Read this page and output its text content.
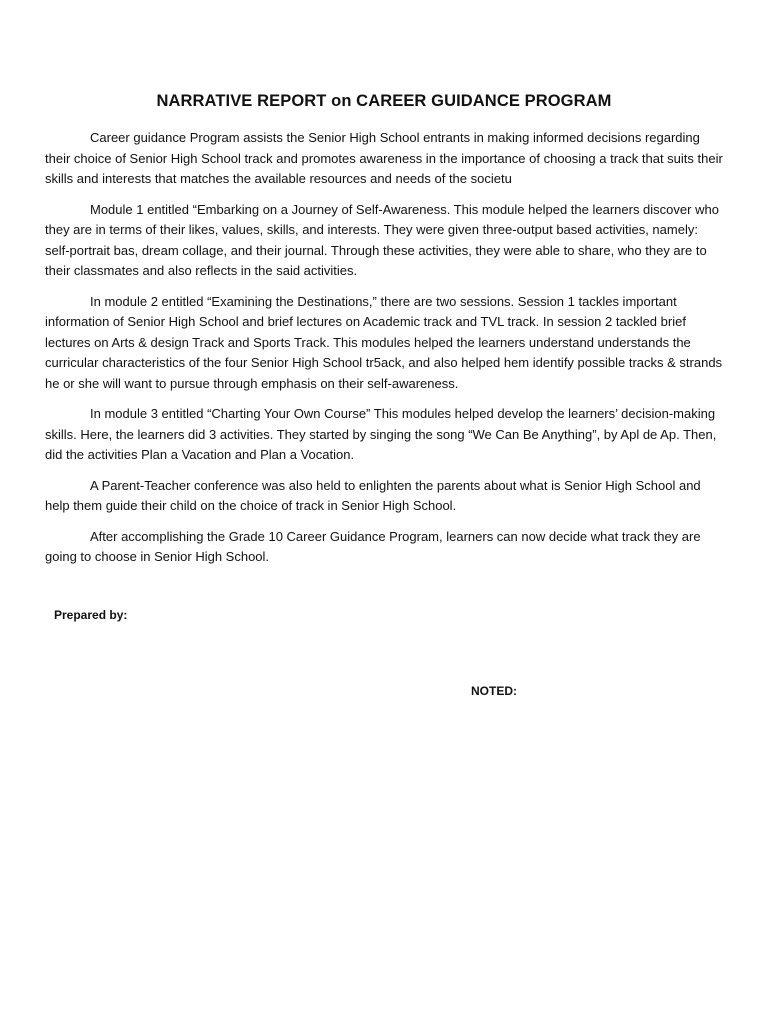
NARRATIVE REPORT on CAREER GUIDANCE PROGRAM

Career guidance Program assists the Senior High School entrants in making informed decisions regarding their choice of Senior High School track and promotes awareness in the importance of choosing a track that suits their skills and interests that matches the available resources and needs of the societu

Module 1 entitled “Embarking on a Journey of Self-Awareness. This module helped the learners discover who they are in terms of their likes, values, skills, and interests. They were given three-output based activities, namely: self-portrait bas, dream collage, and their journal. Through these activities, they were able to share, who they are to their classmates and also reflects in the said activities.

In module 2 entitled “Examining the Destinations,” there are two sessions. Session 1 tackles important information of Senior High School and brief lectures on Academic track and TVL track. In session 2 tackled brief lectures on Arts & design Track and Sports Track. This modules helped the learners understand understands the curricular characteristics of the four Senior High School tr5ack, and also helped hem identify possible tracks & strands he or she will want to pursue through emphasis on their self-awareness.

In module 3 entitled “Charting Your Own Course” This modules helped develop the learners’ decision-making skills. Here, the learners did 3 activities. They started by singing the song “We Can Be Anything”, by Apl de Ap. Then, did the activities Plan a Vacation and Plan a Vocation.

A Parent-Teacher conference was also held to enlighten the parents about what is Senior High School and help them guide their child on the choice of track in Senior High School.

After accomplishing the Grade 10 Career Guidance Program, learners can now decide what track they are going to choose in Senior High School.

Prepared by:
NOTED:
